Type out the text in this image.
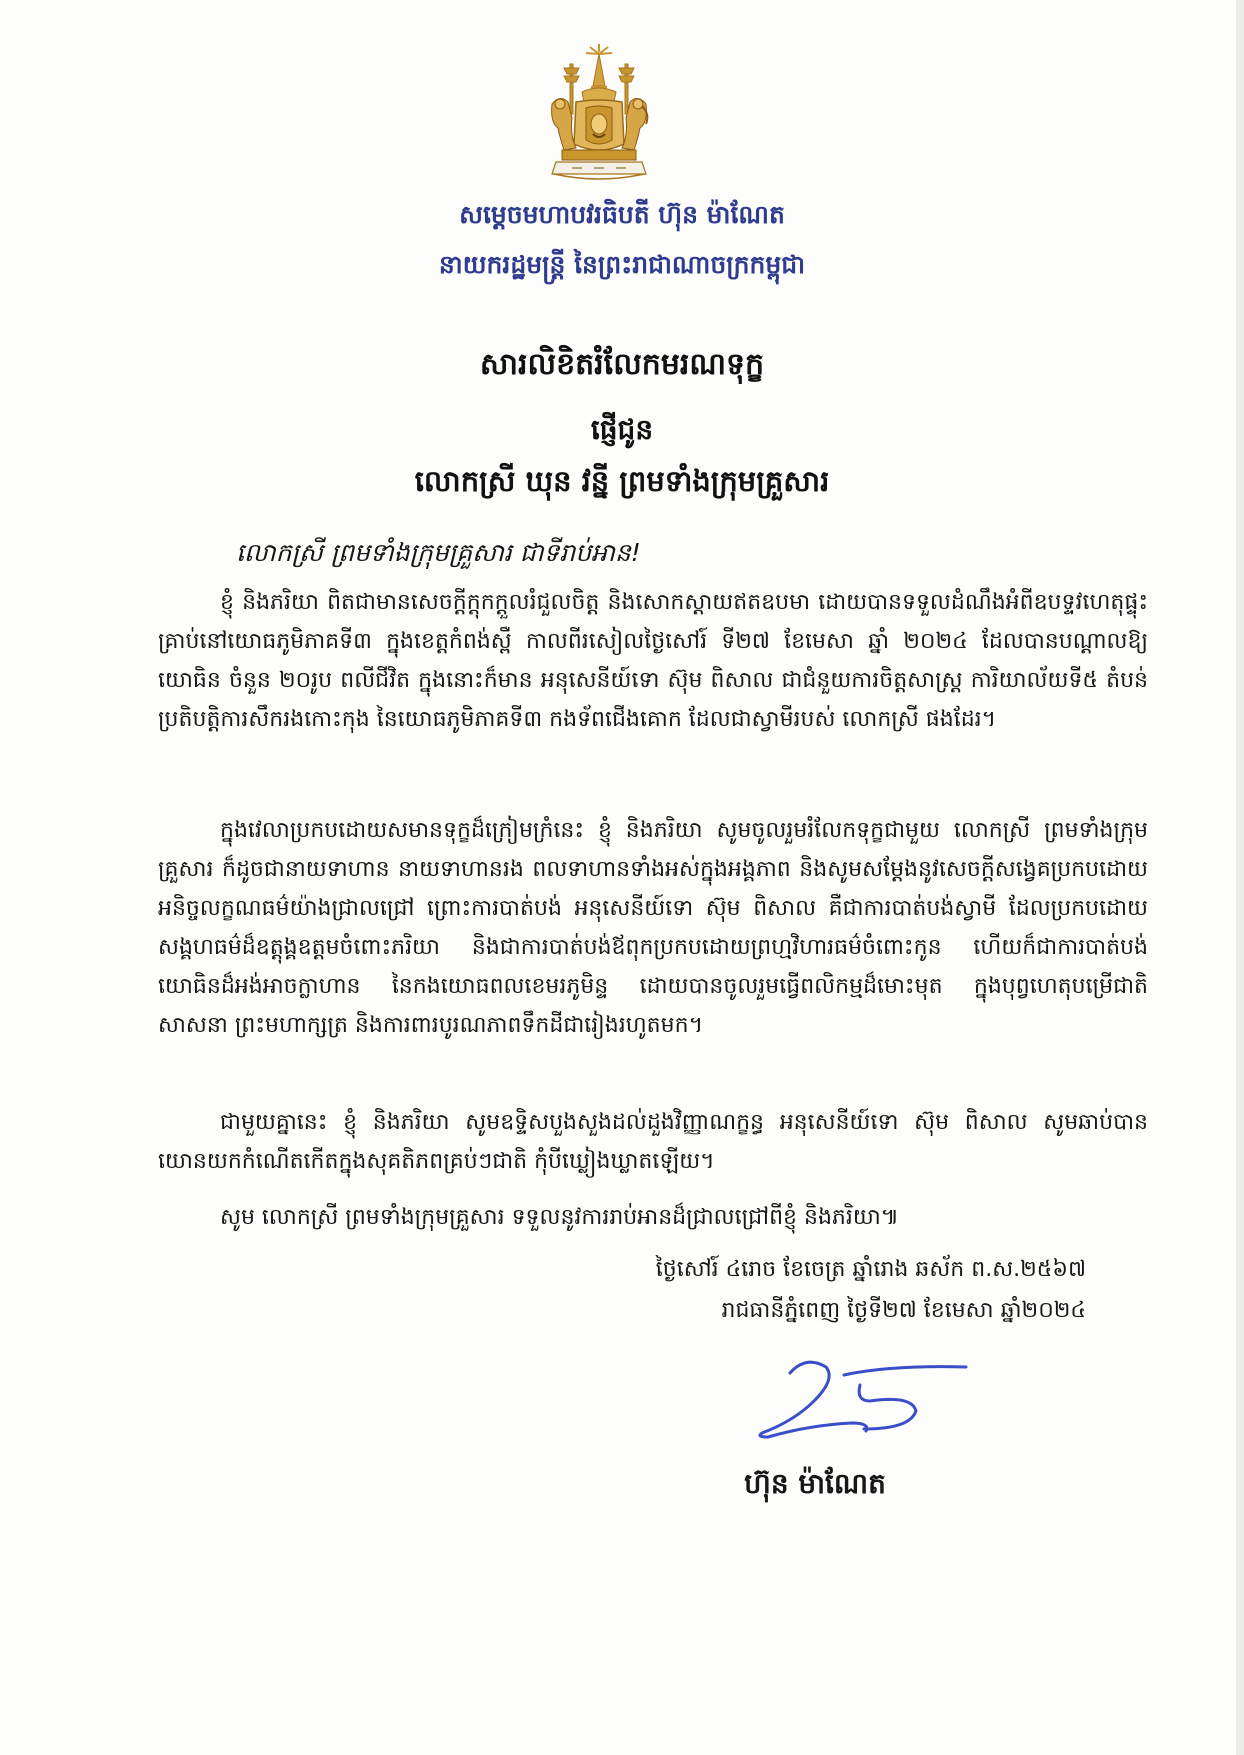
សម្តេចមហាបវរធិបតី ហ៊ុន ម៉ាណែត
នាយករដ្ឋមន្ត្រី នៃព្រះរាជាណាចក្រកម្ពុជា
សារលិខិតរំលែកមរណទុក្ខ
ផ្ញើជូន
លោកស្រី ឃុន វន្នី ព្រមទាំងក្រុមគ្រួសារ
លោកស្រី ព្រមទាំងក្រុមគ្រួសារ ជាទីរាប់អាន!
ខ្ញុំ និងភរិយា ពិតជាមានសេចក្តីក្តុកក្តួលរំជួលចិត្ត និងសោកស្តាយឥតឧបមា ដោយបានទទួលដំណឹងអំពីឧបទ្ទវហេតុផ្ទុះគ្រាប់នៅយោធភូមិភាគទី៣ ក្នុងខេត្តកំពង់ស្ពឺ កាលពីរសៀលថ្ងៃសៅរ៍ ទី២៧ ខែមេសា ឆ្នាំ ២០២៤ ដែលបានបណ្តាលឱ្យយោធិន ចំនួន ២០រូប ពលីជីវិត ក្នុងនោះក៏មាន អនុសេនីយ៍ទោ ស៊ុម ពិសាល ជាជំនួយការចិត្តសាស្ត្រ ការិយាល័យទី៥ តំបន់ប្រតិបត្តិការសឹករងកោះកុង នៃយោធភូមិភាគទី៣ កងទ័ពជើងគោក ដែលជាស្វាមីរបស់ លោកស្រី ផងដែរ។
ក្នុងវេលាប្រកបដោយសមានទុក្ខដ៏ក្រៀមក្រំនេះ ខ្ញុំ និងភរិយា សូមចូលរួមរំលែកទុក្ខជាមួយ លោកស្រី ព្រមទាំងក្រុមគ្រួសារ ក៏ដូចជានាយទាហាន នាយទាហានរង ពលទាហានទាំងអស់ក្នុងអង្គភាព និងសូមសម្តែងនូវសេចក្តីសង្វេគប្រកបដោយអនិច្ចលក្ខណធម៌យ៉ាងជ្រាលជ្រៅ ព្រោះការបាត់បង់ អនុសេនីយ៍ទោ ស៊ុម ពិសាល គឺជាការបាត់បង់ស្វាមី ដែលប្រកបដោយសង្គហធម៌ដ៏ឧត្តុង្គឧត្តមចំពោះភរិយា និងជាការបាត់បង់ឪពុកប្រកបដោយព្រហ្មវិហារធម៌ចំពោះកូន ហើយក៏ជាការបាត់បង់យោធិនដ៏អង់អាចក្លាហាន នៃកងយោធពលខេមរភូមិន្ទ ដោយបានចូលរួមធ្វើពលិកម្មដ៏មោះមុត ក្នុងបុព្វហេតុបម្រើជាតិ សាសនា ព្រះមហាក្សត្រ និងការពារបូរណភាពទឹកដីជារៀងរហូតមក។
ជាមួយគ្នានេះ ខ្ញុំ និងភរិយា សូមឧទ្ទិសបួងសួងដល់ដួងវិញ្ញាណក្ខន្ធ អនុសេនីយ៍ទោ ស៊ុម ពិសាល សូមឆាប់បានយោនយកកំណើតកើតក្នុងសុគតិភពគ្រប់ៗជាតិ កុំបីឃ្លៀងឃ្លាតឡើយ។
សូម លោកស្រី ព្រមទាំងក្រុមគ្រួសារ ទទួលនូវការរាប់អានដ៏ជ្រាលជ្រៅពីខ្ញុំ និងភរិយា៕
ថ្ងៃសៅរ៍ ៤រោច ខែចេត្រ ឆ្នាំរោង ឆស័ក ព.ស.២៥៦៧
រាជធានីភ្នំពេញ ថ្ងៃទី២៧ ខែមេសា ឆ្នាំ២០២៤
ហ៊ុន ម៉ាណែត
